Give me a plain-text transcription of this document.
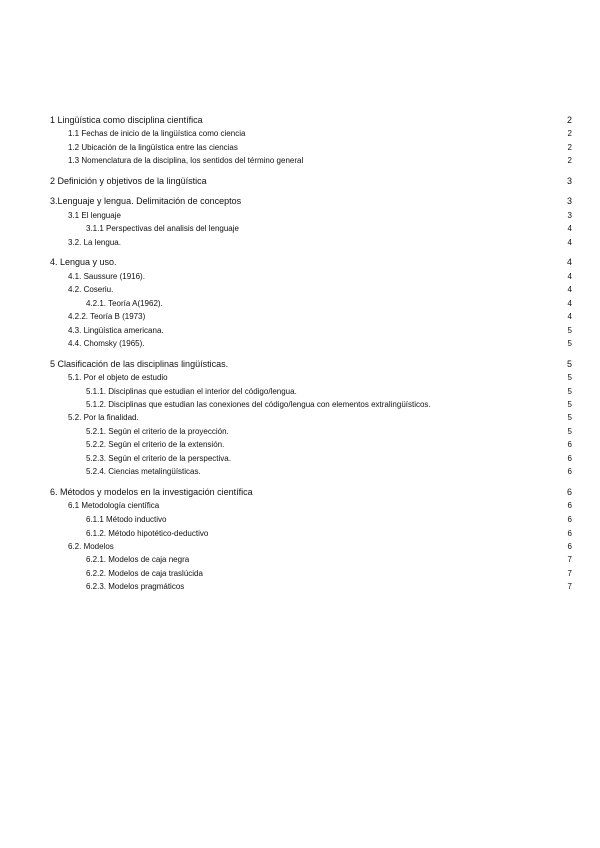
1 Lingüística como disciplina científica	2
1.1 Fechas de inicio de la lingüística como ciencia	2
1.2 Ubicación de la lingüística entre las ciencias	2
1.3 Nomenclatura de la disciplina, los sentidos del término general	2
2 Definición y objetivos de la lingüística	3
3.Lenguaje y lengua. Delimitación de conceptos	3
3.1 El lenguaje	3
3.1.1 Perspectivas del analisis del lenguaje	4
3.2. La lengua.	4
4. Lengua y uso.	4
4.1. Saussure (1916).	4
4.2. Coseriu.	4
4.2.1. Teoría A(1962).	4
4.2.2. Teoría B (1973)	4
4.3. Lingüística americana.	5
4.4. Chomsky (1965).	5
5 Clasificación de las disciplinas lingüísticas.	5
5.1. Por el objeto de estudio	5
5.1.1. Disciplinas que estudian el interior del código/lengua.	5
5.1.2. Disciplinas que estudian las conexiones del código/lengua con elementos extralingüísticos.	5
5.2. Por la finalidad.	5
5.2.1. Según el criterio de la proyección.	5
5.2.2. Según el criterio de la extensión.	6
5.2.3. Según el criterio de la perspectiva.	6
5.2.4. Ciencias metalingüísticas.	6
6. Métodos y modelos en la investigación científica	6
6.1 Metodología científica	6
6.1.1 Método inductivo	6
6.1.2. Método hipotético-deductivo	6
6.2. Modelos	6
6.2.1. Modelos de caja negra	7
6.2.2. Modelos de caja traslúcida	7
6.2.3. Modelos pragmáticos	7
